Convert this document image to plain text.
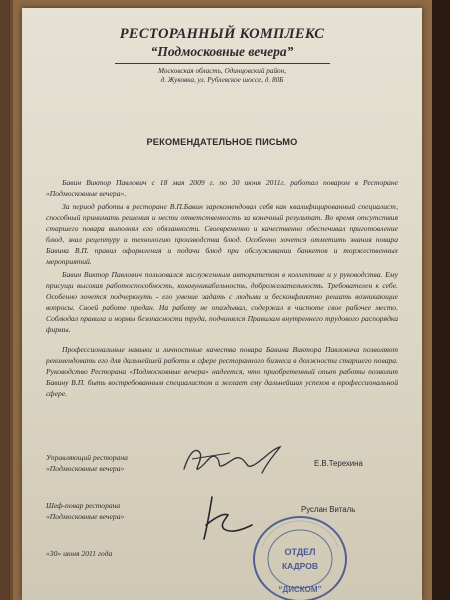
РЕСТОРАННЫЙ КОМПЛЕКС
“Подмосковные вечера”
Московская область, Одинцовский район,
д. Жуковка, ул. Рублевское шоссе, д. 80Б
РЕКОМЕНДАТЕЛЬНОЕ ПИСЬМО

Бавин Виктор Павлович с 18 мая 2009 г. по 30 июня 2011г. работал поваром в Ресторане «Подмосковные вечера».

За период работы в ресторане В.П.Бавин зарекомендовал себя как квалифицированный специалист, способный принимать решения и нести ответственность за конечный результат. Во время отсутствия старшего повара выполнял его обязанности. Своевременно и качественно обеспечивал приготовление блюд, знал рецептуру и технологию производства блюд. Особенно хочется отметить знания повара Бавина В.П. правил оформления и подачи блюд при обслуживании банкетов и торжественных мероприятий.

Бавин Виктор Павлович пользовался заслуженным авторитетом в коллективе и у руководства. Ему присущи высокая работоспособность, коммуникабельность, доброжелательность. Требователен к себе. Особенно хочется подчеркнуть - его умение задать с людьми и бесконфликтно решать возникающие вопросы. Своей работе предан. На работу не опаздывал, содержал в чистоте свое рабочее место. Соблюдал правила и нормы безопасности труда, подчинялся Правилам внутреннего трудового распорядка фирмы.

Профессиональные навыки и личностные качества повара Бавина Виктора Павловича позволяют рекомендовать его для дальнейшей работы в сфере ресторанного бизнеса в должности старшего повара. Руководство Ресторана «Подмосковные вечера» надеется, что приобретенный опыт работы позволит Бавину В.П. быть востребованным специалистом и желает ему дальнейших успехов в профессиональной сфере.

Управляющий ресторана
«Подмосковные вечера»	Е.В.Терехина
Шеф-повар ресторана
«Подмосковные вечера»
Руслан Виталь
“ДИСКОМ”
ОТДЕЛ
КАДРОВ
«30» июня 2011 года
